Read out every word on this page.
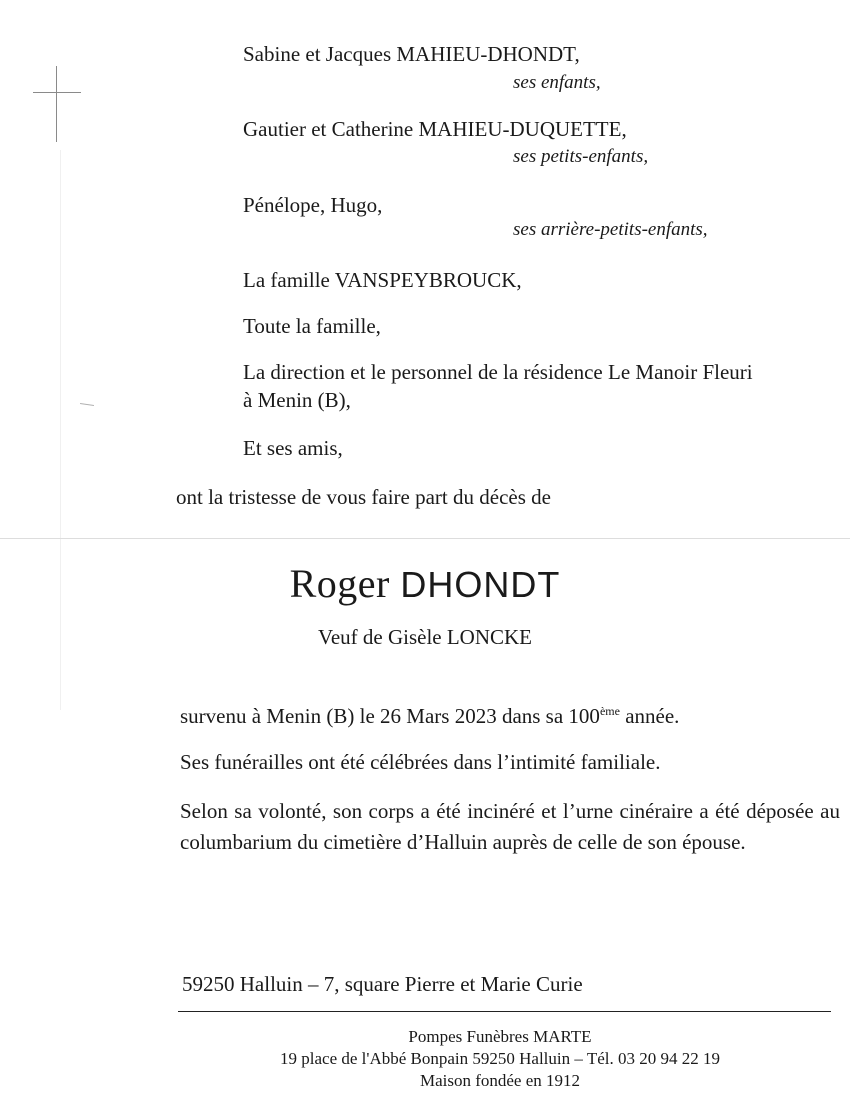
Sabine et Jacques MAHIEU-DHONDT,
ses enfants,
Gautier et Catherine MAHIEU-DUQUETTE,
ses petits-enfants,
Pénélope, Hugo,
ses arrière-petits-enfants,
La famille VANSPEYBROUCK,
Toute la famille,
La direction et le personnel de la résidence Le Manoir Fleuri
à Menin (B),
Et ses amis,
ont la tristesse de vous faire part du décès de
Roger DHONDT
Veuf de Gisèle LONCKE
survenu à Menin (B) le 26 Mars 2023 dans sa 100ème année.
Ses funérailles ont été célébrées dans l’intimité familiale.
Selon sa volonté, son corps a été incinéré et l’urne cinéraire a été déposée au columbarium du cimetière d’Halluin auprès de celle de son épouse.
59250 Halluin – 7, square Pierre et Marie Curie
Pompes Funèbres MARTE
19 place de l'Abbé Bonpain 59250 Halluin – Tél. 03 20 94 22 19
Maison fondée en 1912
